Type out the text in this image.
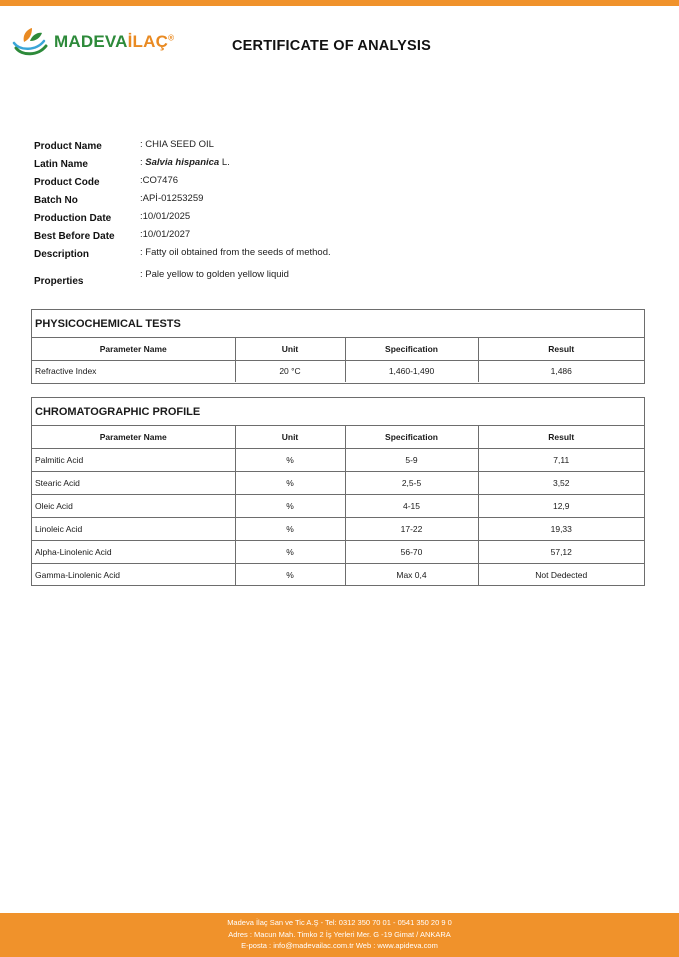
MADEVAİLAÇ®
CERTIFICATE OF ANALYSIS
Product Name	: CHIA SEED OIL
Latin Name	: Salvia hispanica L.
Product Code	:CO7476
Batch No	:APİ-01253259
Production Date	:10/01/2025
Best Before Date	:10/01/2027
Description	: Fatty oil obtained from the seeds of method.
Properties
: Pale yellow to golden yellow liquid
PHYSICOCHEMICAL TESTS
Parameter Name	Unit	Specification	Result
Refractive Index	20 °C	1,460-1,490	1,486
CHROMATOGRAPHIC PROFILE
Parameter Name	Unit	Specification	Result
Palmitic Acid	%	5-9	7,11
Stearic Acid	%	2,5-5	3,52
Oleic Acid	%	4-15	12,9
Linoleic Acid	%	17-22	19,33
Alpha-Linolenic Acid	%	56-70	57,12
Gamma-Linolenic Acid	%	Max 0,4	Not Dedected
Madeva İlaç San ve Tic A.Ş - Tel: 0312 350 70 01 - 0541 350 20 9 0
Adres : Macun Mah. Timko 2 İş Yerleri Mer. G -19 Gimat / ANKARA
E-posta : info@madevailac.com.tr Web : www.apideva.com
